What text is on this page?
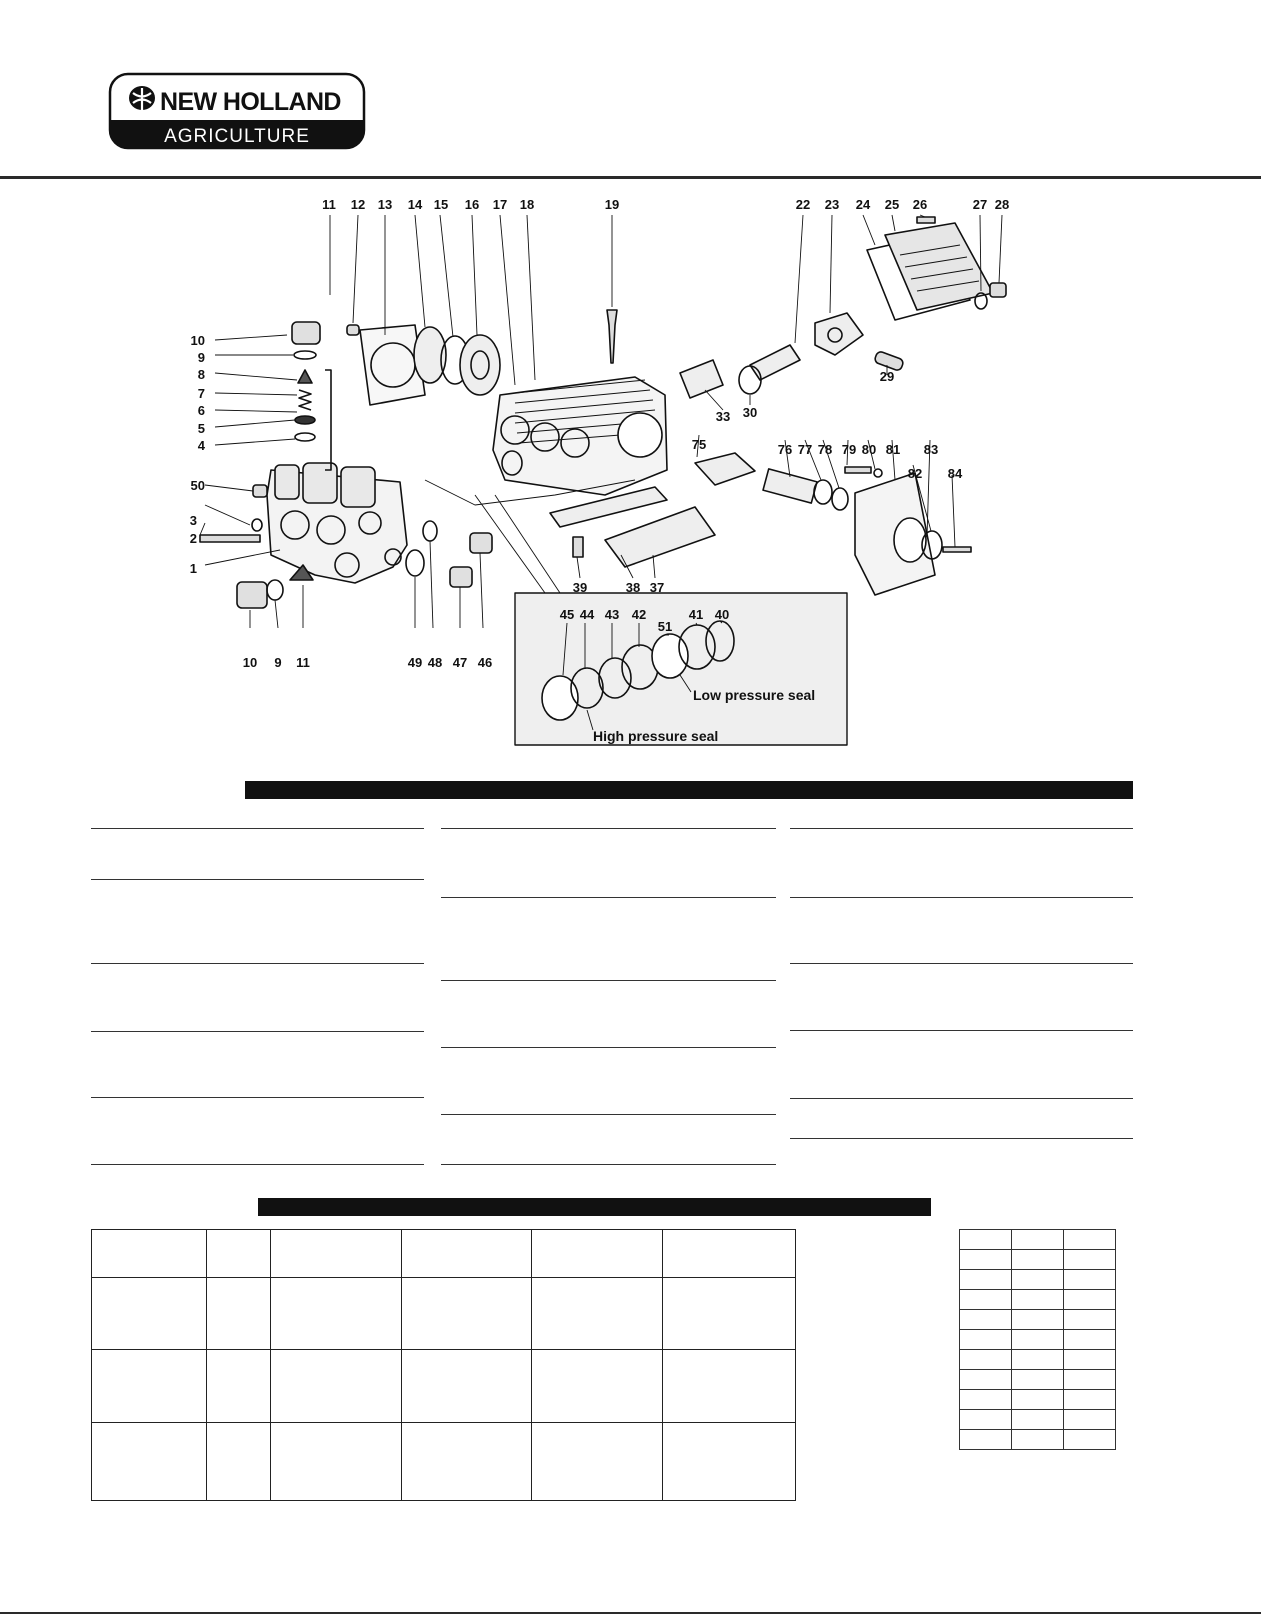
NEW HOLLAND
AGRICULTURE
11 12 13 14 15 16 17 18	19	22 23 24 25 26	27 28
10
9
8
7
6
5
4
50
3
2
1
10 9 11	49 48 47 46
30
33
29
75	76 77 78 79 80 81
82
83
84
39	38 37
45 44 43 42
51
41 40
Low pressure seal
High pressure seal
